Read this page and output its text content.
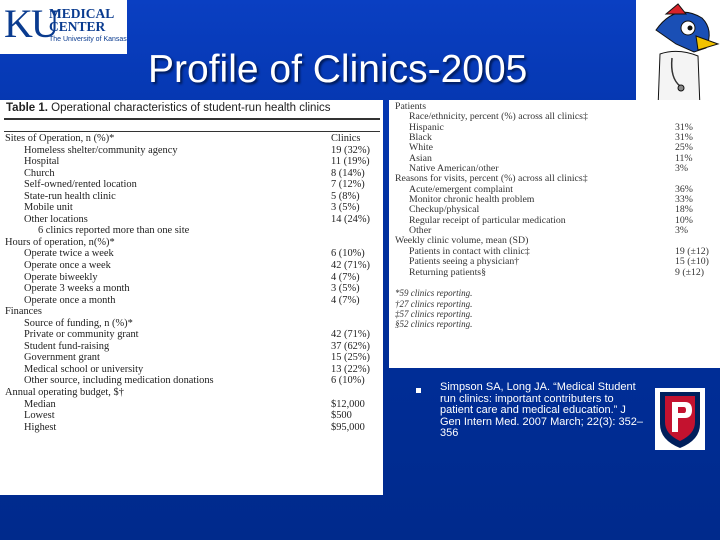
KU
MEDICAL
CENTER
The University of Kansas
Profile of Clinics-2005
Table 1. Operational characteristics of student-run health clinics
Sites of Operation, n (%)*	Clinics
Homeless shelter/community agency	19 (32%)
Hospital	11 (19%)
Church	8 (14%)
Self-owned/rented location	7 (12%)
State-run health clinic	5 (8%)
Mobile unit	3 (5%)
Other locations	14 (24%)
6 clinics reported more than one site
Hours of operation, n(%)*
Operate twice a week	6 (10%)
Operate once a week	42 (71%)
Operate biweekly	4 (7%)
Operate 3 weeks a month	3 (5%)
Operate once a month	4 (7%)
Finances
Source of funding, n (%)*
Private or community grant	42 (71%)
Student fund-raising	37 (62%)
Government grant	15 (25%)
Medical school or university	13 (22%)
Other source, including medication donations	6 (10%)
Annual operating budget, $†
Median	$12,000
Lowest	$500
Highest	$95,000
Patients
Race/ethnicity, percent (%) across all clinics‡
Hispanic	31%
Black	31%
White	25%
Asian	11%
Native American/other	3%
Reasons for visits, percent (%) across all clinics‡
Acute/emergent complaint	36%
Monitor chronic health problem	33%
Checkup/physical	18%
Regular receipt of particular medication	10%
Other	3%
Weekly clinic volume, mean (SD)
Patients in contact with clinic‡	19 (±12)
Patients seeing a physician†	15 (±10)
Returning patients§	9 (±12)
*59 clinics reporting.
†27 clinics reporting.
‡57 clinics reporting.
§52 clinics reporting.
Simpson SA, Long JA. “Medical Student run clinics: important contributers to patient care and medical education.” J Gen Intern Med. 2007 March; 22(3): 352–356
